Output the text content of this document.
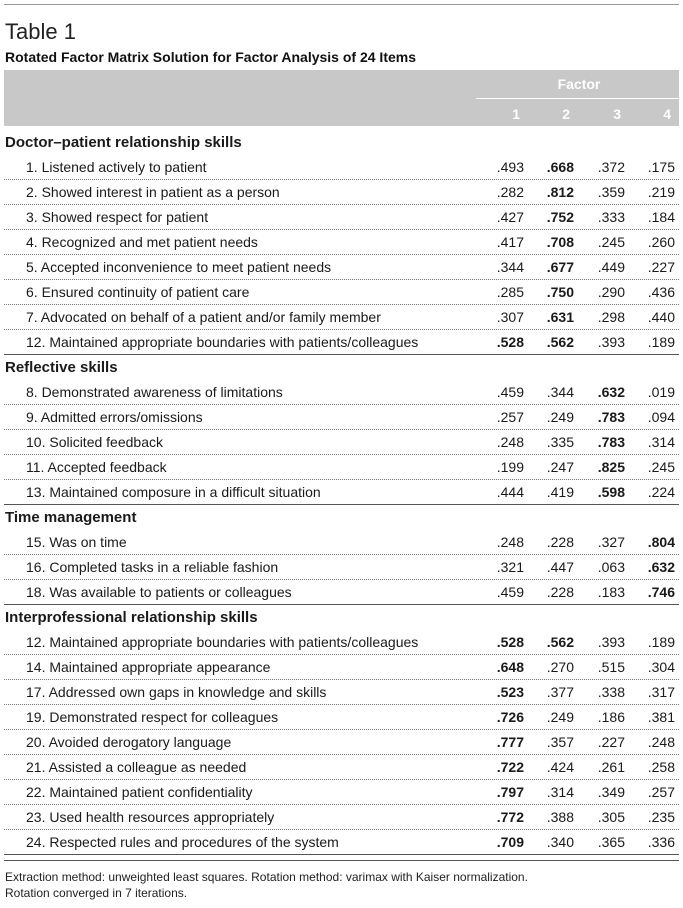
Table 1
Rotated Factor Matrix Solution for Factor Analysis of 24 Items
Factor
1	2	3	4
Doctor–patient relationship skills
1. Listened actively to patient	.493	.668	.372	.175
2. Showed interest in patient as a person	.282	.812	.359	.219
3. Showed respect for patient	.427	.752	.333	.184
4. Recognized and met patient needs	.417	.708	.245	.260
5. Accepted inconvenience to meet patient needs	.344	.677	.449	.227
6. Ensured continuity of patient care	.285	.750	.290	.436
7. Advocated on behalf of a patient and/or family member	.307	.631	.298	.440
12. Maintained appropriate boundaries with patients/colleagues	.528	.562	.393	.189
Reflective skills
8. Demonstrated awareness of limitations	.459	.344	.632	.019
9. Admitted errors/omissions	.257	.249	.783	.094
10. Solicited feedback	.248	.335	.783	.314
11. Accepted feedback	.199	.247	.825	.245
13. Maintained composure in a difficult situation	.444	.419	.598	.224
Time management
15. Was on time	.248	.228	.327	.804
16. Completed tasks in a reliable fashion	.321	.447	.063	.632
18. Was available to patients or colleagues	.459	.228	.183	.746
Interprofessional relationship skills
12. Maintained appropriate boundaries with patients/colleagues	.528	.562	.393	.189
14. Maintained appropriate appearance	.648	.270	.515	.304
17. Addressed own gaps in knowledge and skills	.523	.377	.338	.317
19. Demonstrated respect for colleagues	.726	.249	.186	.381
20. Avoided derogatory language	.777	.357	.227	.248
21. Assisted a colleague as needed	.722	.424	.261	.258
22. Maintained patient confidentiality	.797	.314	.349	.257
23. Used health resources appropriately	.772	.388	.305	.235
24. Respected rules and procedures of the system	.709	.340	.365	.336
Extraction method: unweighted least squares. Rotation method: varimax with Kaiser normalization.
Rotation converged in 7 iterations.
